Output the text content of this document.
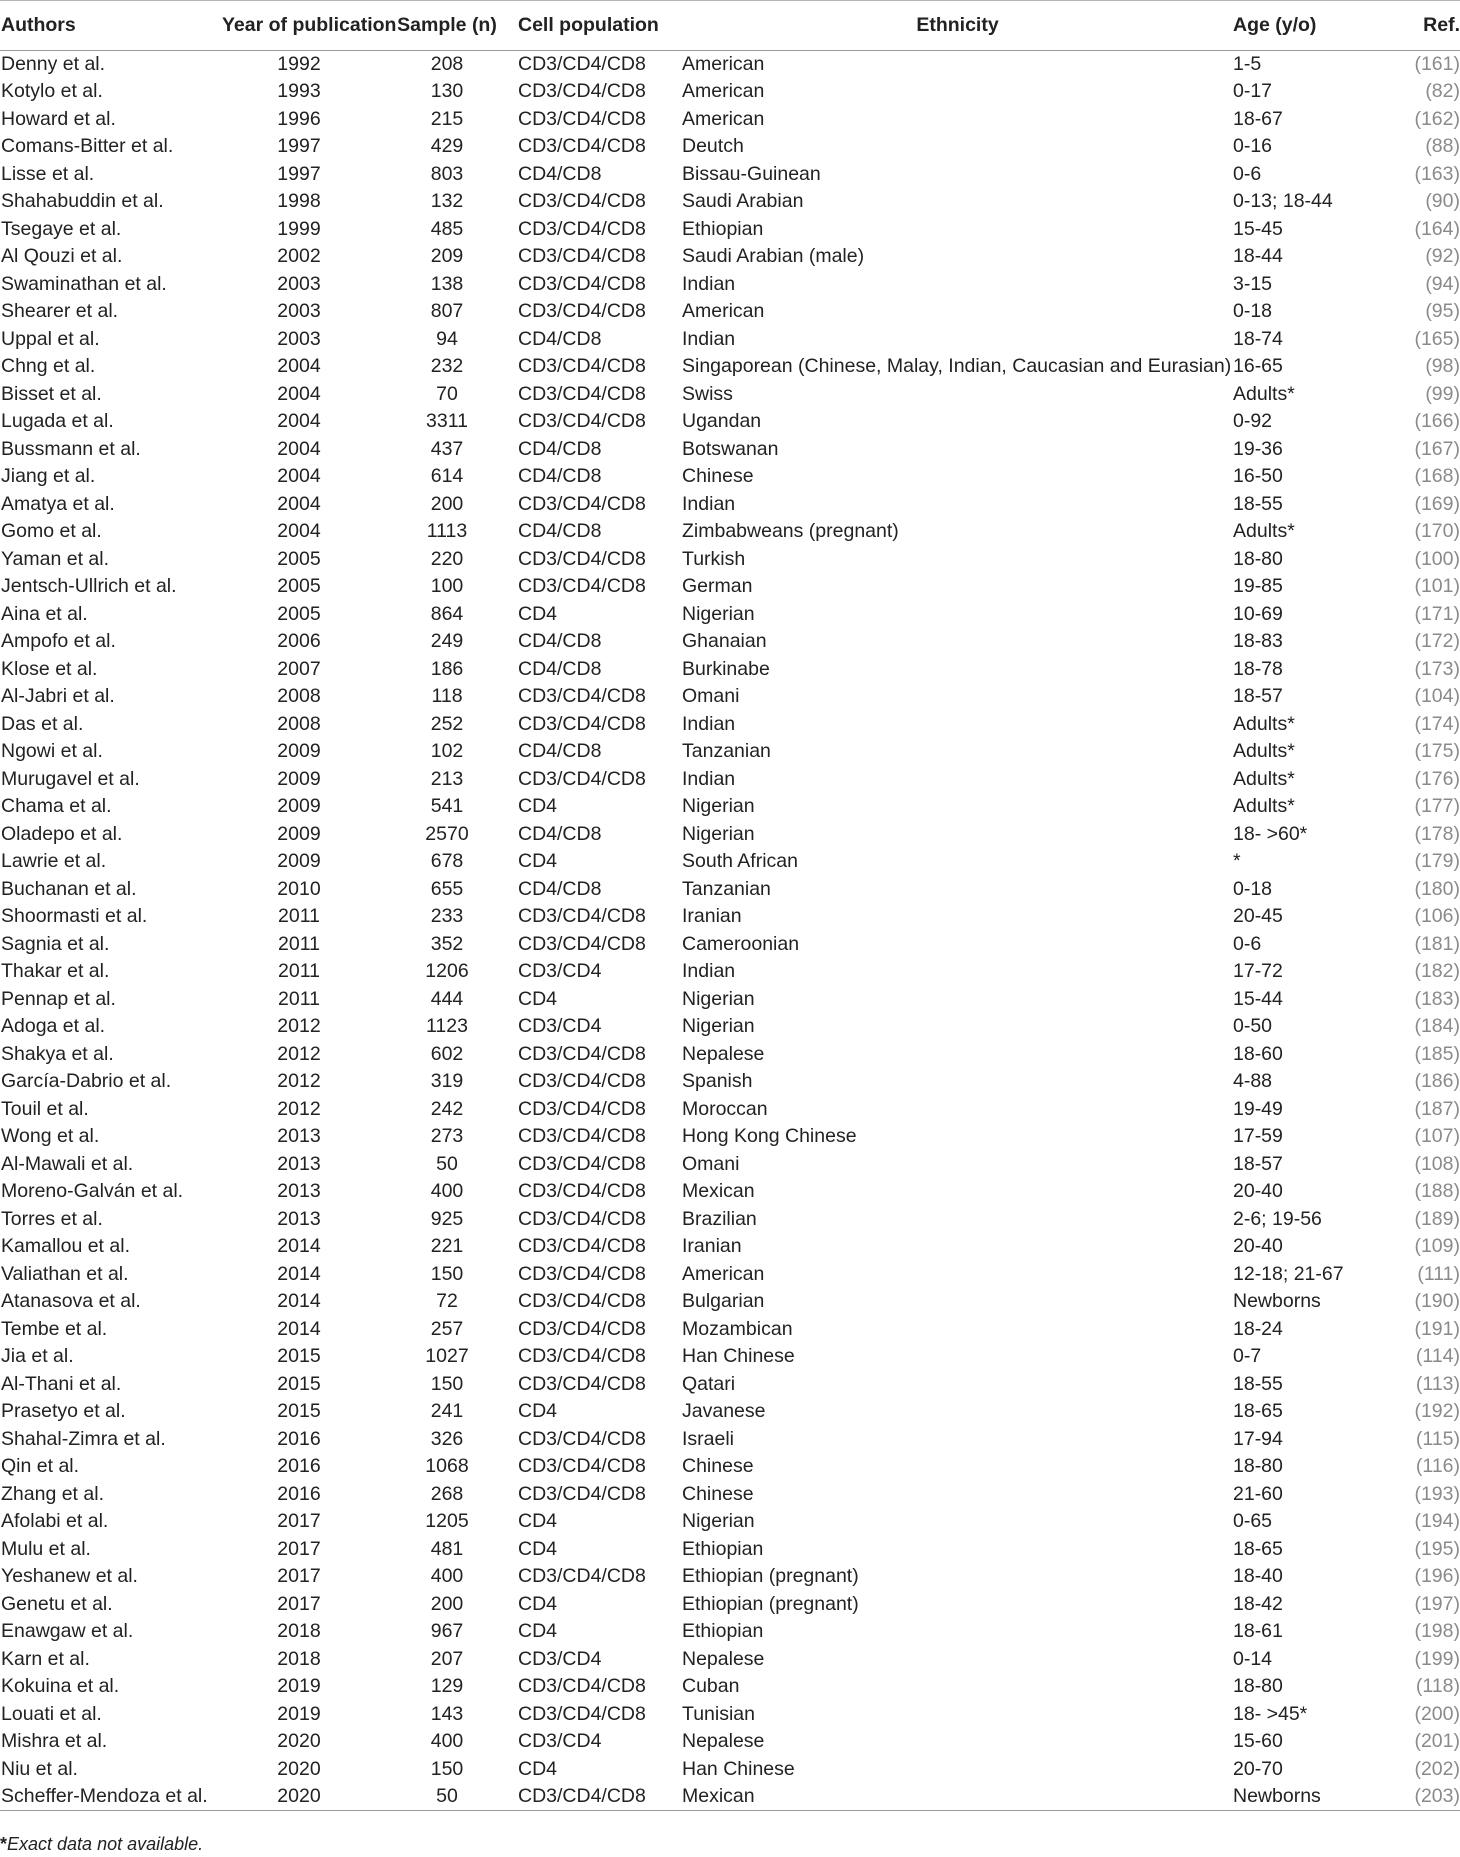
Authors	Year of publication	Sample (n)	Cell population	Ethnicity	Age (y/o)	Ref.
Denny et al.	1992	208	CD3/CD4/CD8	American	1-5	(161)
Kotylo et al.	1993	130	CD3/CD4/CD8	American	0-17	(82)
Howard et al.	1996	215	CD3/CD4/CD8	American	18-67	(162)
Comans-Bitter et al.	1997	429	CD3/CD4/CD8	Deutch	0-16	(88)
Lisse et al.	1997	803	CD4/CD8	Bissau-Guinean	0-6	(163)
Shahabuddin et al.	1998	132	CD3/CD4/CD8	Saudi Arabian	0-13; 18-44	(90)
Tsegaye et al.	1999	485	CD3/CD4/CD8	Ethiopian	15-45	(164)
Al Qouzi et al.	2002	209	CD3/CD4/CD8	Saudi Arabian (male)	18-44	(92)
Swaminathan et al.	2003	138	CD3/CD4/CD8	Indian	3-15	(94)
Shearer et al.	2003	807	CD3/CD4/CD8	American	0-18	(95)
Uppal et al.	2003	94	CD4/CD8	Indian	18-74	(165)
Chng et al.	2004	232	CD3/CD4/CD8	Singaporean (Chinese, Malay, Indian, Caucasian and Eurasian)	16-65	(98)
Bisset et al.	2004	70	CD3/CD4/CD8	Swiss	Adults*	(99)
Lugada et al.	2004	3311	CD3/CD4/CD8	Ugandan	0-92	(166)
Bussmann et al.	2004	437	CD4/CD8	Botswanan	19-36	(167)
Jiang et al.	2004	614	CD4/CD8	Chinese	16-50	(168)
Amatya et al.	2004	200	CD3/CD4/CD8	Indian	18-55	(169)
Gomo et al.	2004	1113	CD4/CD8	Zimbabweans (pregnant)	Adults*	(170)
Yaman et al.	2005	220	CD3/CD4/CD8	Turkish	18-80	(100)
Jentsch-Ullrich et al.	2005	100	CD3/CD4/CD8	German	19-85	(101)
Aina et al.	2005	864	CD4	Nigerian	10-69	(171)
Ampofo et al.	2006	249	CD4/CD8	Ghanaian	18-83	(172)
Klose et al.	2007	186	CD4/CD8	Burkinabe	18-78	(173)
Al-Jabri et al.	2008	118	CD3/CD4/CD8	Omani	18-57	(104)
Das et al.	2008	252	CD3/CD4/CD8	Indian	Adults*	(174)
Ngowi et al.	2009	102	CD4/CD8	Tanzanian	Adults*	(175)
Murugavel et al.	2009	213	CD3/CD4/CD8	Indian	Adults*	(176)
Chama et al.	2009	541	CD4	Nigerian	Adults*	(177)
Oladepo et al.	2009	2570	CD4/CD8	Nigerian	18- >60*	(178)
Lawrie et al.	2009	678	CD4	South African	*	(179)
Buchanan et al.	2010	655	CD4/CD8	Tanzanian	0-18	(180)
Shoormasti et al.	2011	233	CD3/CD4/CD8	Iranian	20-45	(106)
Sagnia et al.	2011	352	CD3/CD4/CD8	Cameroonian	0-6	(181)
Thakar et al.	2011	1206	CD3/CD4	Indian	17-72	(182)
Pennap et al.	2011	444	CD4	Nigerian	15-44	(183)
Adoga et al.	2012	1123	CD3/CD4	Nigerian	0-50	(184)
Shakya et al.	2012	602	CD3/CD4/CD8	Nepalese	18-60	(185)
García-Dabrio et al.	2012	319	CD3/CD4/CD8	Spanish	4-88	(186)
Touil et al.	2012	242	CD3/CD4/CD8	Moroccan	19-49	(187)
Wong et al.	2013	273	CD3/CD4/CD8	Hong Kong Chinese	17-59	(107)
Al-Mawali et al.	2013	50	CD3/CD4/CD8	Omani	18-57	(108)
Moreno-Galván et al.	2013	400	CD3/CD4/CD8	Mexican	20-40	(188)
Torres et al.	2013	925	CD3/CD4/CD8	Brazilian	2-6; 19-56	(189)
Kamallou et al.	2014	221	CD3/CD4/CD8	Iranian	20-40	(109)
Valiathan et al.	2014	150	CD3/CD4/CD8	American	12-18; 21-67	(111)
Atanasova et al.	2014	72	CD3/CD4/CD8	Bulgarian	Newborns	(190)
Tembe et al.	2014	257	CD3/CD4/CD8	Mozambican	18-24	(191)
Jia et al.	2015	1027	CD3/CD4/CD8	Han Chinese	0-7	(114)
Al-Thani et al.	2015	150	CD3/CD4/CD8	Qatari	18-55	(113)
Prasetyo et al.	2015	241	CD4	Javanese	18-65	(192)
Shahal-Zimra et al.	2016	326	CD3/CD4/CD8	Israeli	17-94	(115)
Qin et al.	2016	1068	CD3/CD4/CD8	Chinese	18-80	(116)
Zhang et al.	2016	268	CD3/CD4/CD8	Chinese	21-60	(193)
Afolabi et al.	2017	1205	CD4	Nigerian	0-65	(194)
Mulu et al.	2017	481	CD4	Ethiopian	18-65	(195)
Yeshanew et al.	2017	400	CD3/CD4/CD8	Ethiopian (pregnant)	18-40	(196)
Genetu et al.	2017	200	CD4	Ethiopian (pregnant)	18-42	(197)
Enawgaw et al.	2018	967	CD4	Ethiopian	18-61	(198)
Karn et al.	2018	207	CD3/CD4	Nepalese	0-14	(199)
Kokuina et al.	2019	129	CD3/CD4/CD8	Cuban	18-80	(118)
Louati et al.	2019	143	CD3/CD4/CD8	Tunisian	18- >45*	(200)
Mishra et al.	2020	400	CD3/CD4	Nepalese	15-60	(201)
Niu et al.	2020	150	CD4	Han Chinese	20-70	(202)
Scheffer-Mendoza et al.	2020	50	CD3/CD4/CD8	Mexican	Newborns	(203)
*Exact data not available.
